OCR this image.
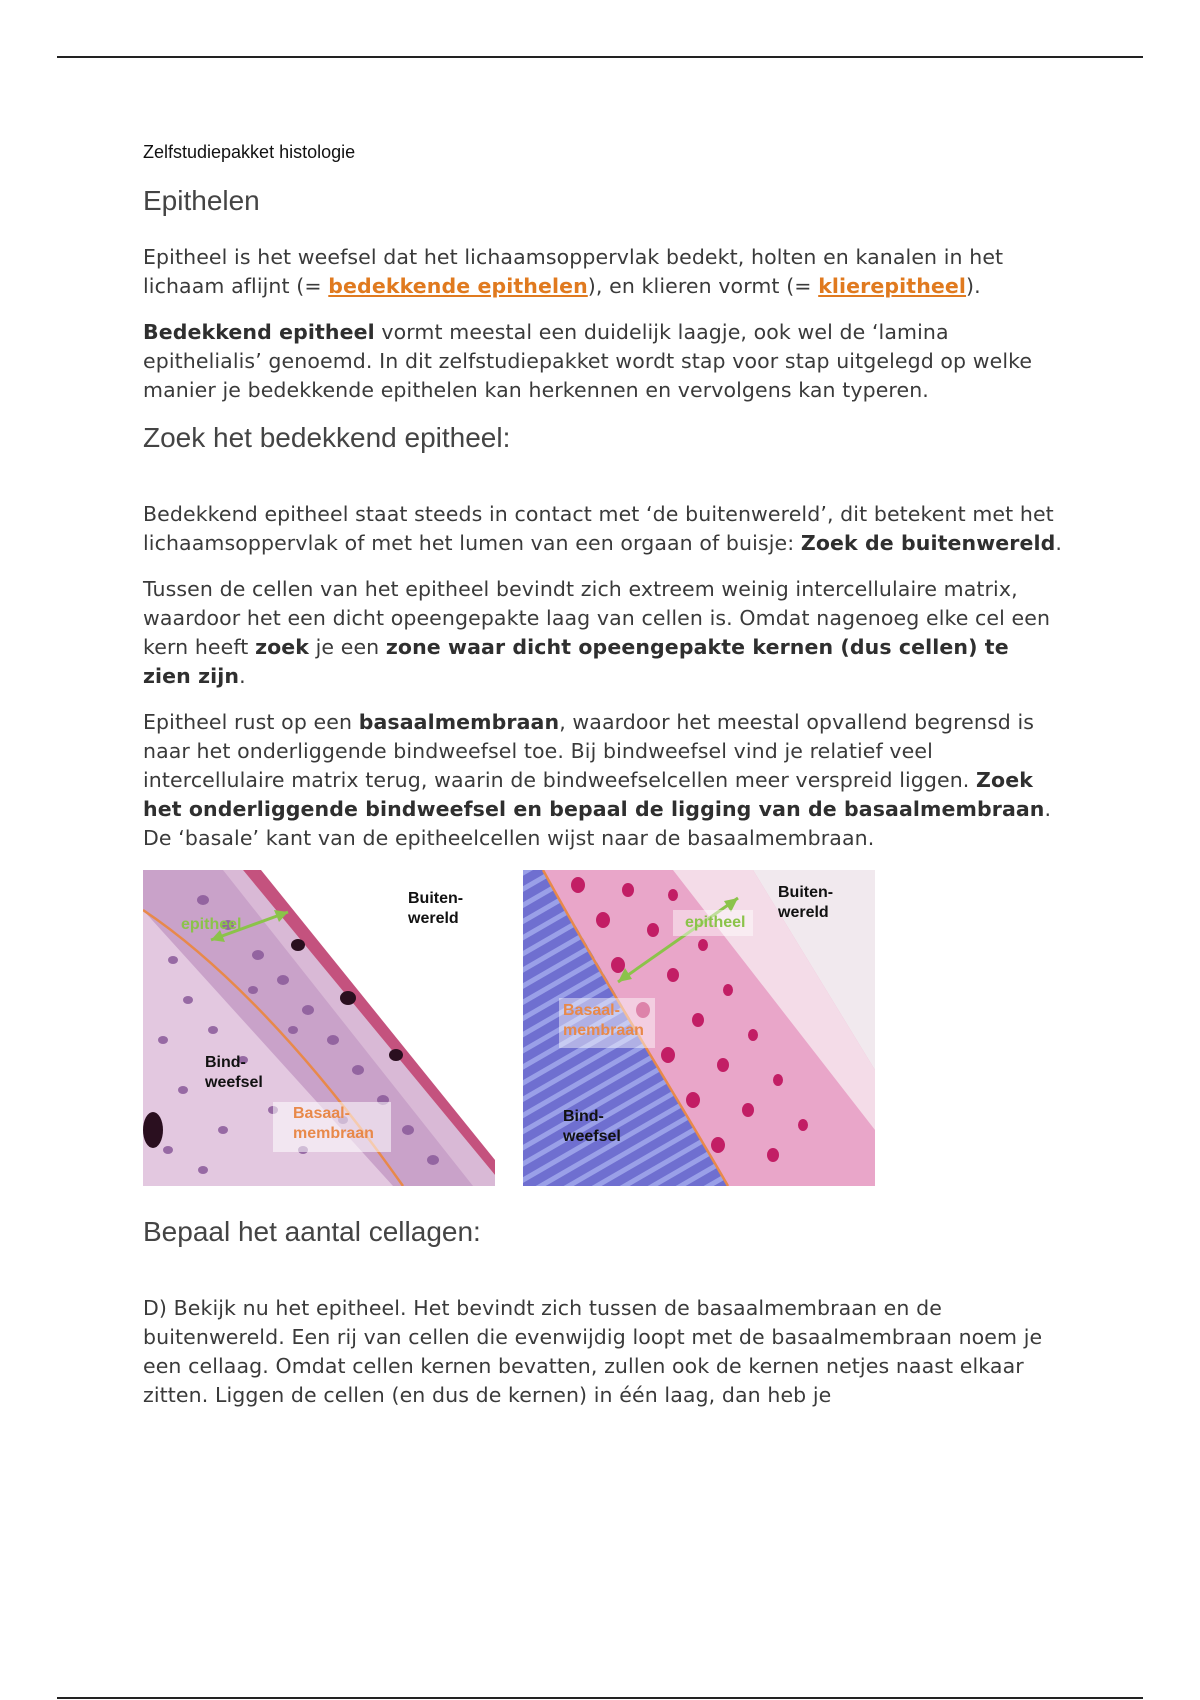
Zelfstudiepakket histologie
Epithelen

Epitheel is het weefsel dat het lichaamsoppervlak bedekt, holten en kanalen in het lichaam aflijnt (= bedekkende epithelen), en klieren vormt (= klierepitheel).

Bedekkend epitheel vormt meestal een duidelijk laagje, ook wel de ‘lamina epithelialis’ genoemd. In dit zelfstudiepakket wordt stap voor stap uitgelegd op welke manier je bedekkende epithelen kan herkennen en vervolgens kan typeren.

Zoek het bedekkend epitheel:

Bedekkend epitheel staat steeds in contact met ‘de buitenwereld’, dit betekent met het lichaamsoppervlak of met het lumen van een orgaan of buisje: Zoek de buitenwereld.

Tussen de cellen van het epitheel bevindt zich extreem weinig intercellulaire matrix, waardoor het een dicht opeengepakte laag van cellen is. Omdat nagenoeg elke cel een kern heeft zoek je een zone waar dicht opeengepakte kernen (dus cellen) te zien zijn.

Epitheel rust op een basaalmembraan, waardoor het meestal opvallend begrensd is naar het onderliggende bindweefsel toe. Bij bindweefsel vind je relatief veel intercellulaire matrix terug, waarin de bindweefselcellen meer verspreid liggen. Zoek het onderliggende bindweefsel en bepaal de ligging van de basaalmembraan. De ‘basale’ kant van de epitheelcellen wijst naar de basaalmembraan.

epitheel
Buiten-
wereld
Bind-
weefsel
Basaal-
membraan
epitheel
Buiten-
wereld
Basaal-
membraan
Bind-
weefsel
Bepaal het aantal cellagen:

D) Bekijk nu het epitheel. Het bevindt zich tussen de basaalmembraan en de buitenwereld. Een rij van cellen die evenwijdig loopt met de basaalmembraan noem je een cellaag. Omdat cellen kernen bevatten, zullen ook de kernen netjes naast elkaar zitten. Liggen de cellen (en dus de kernen) in één laag, dan heb je
